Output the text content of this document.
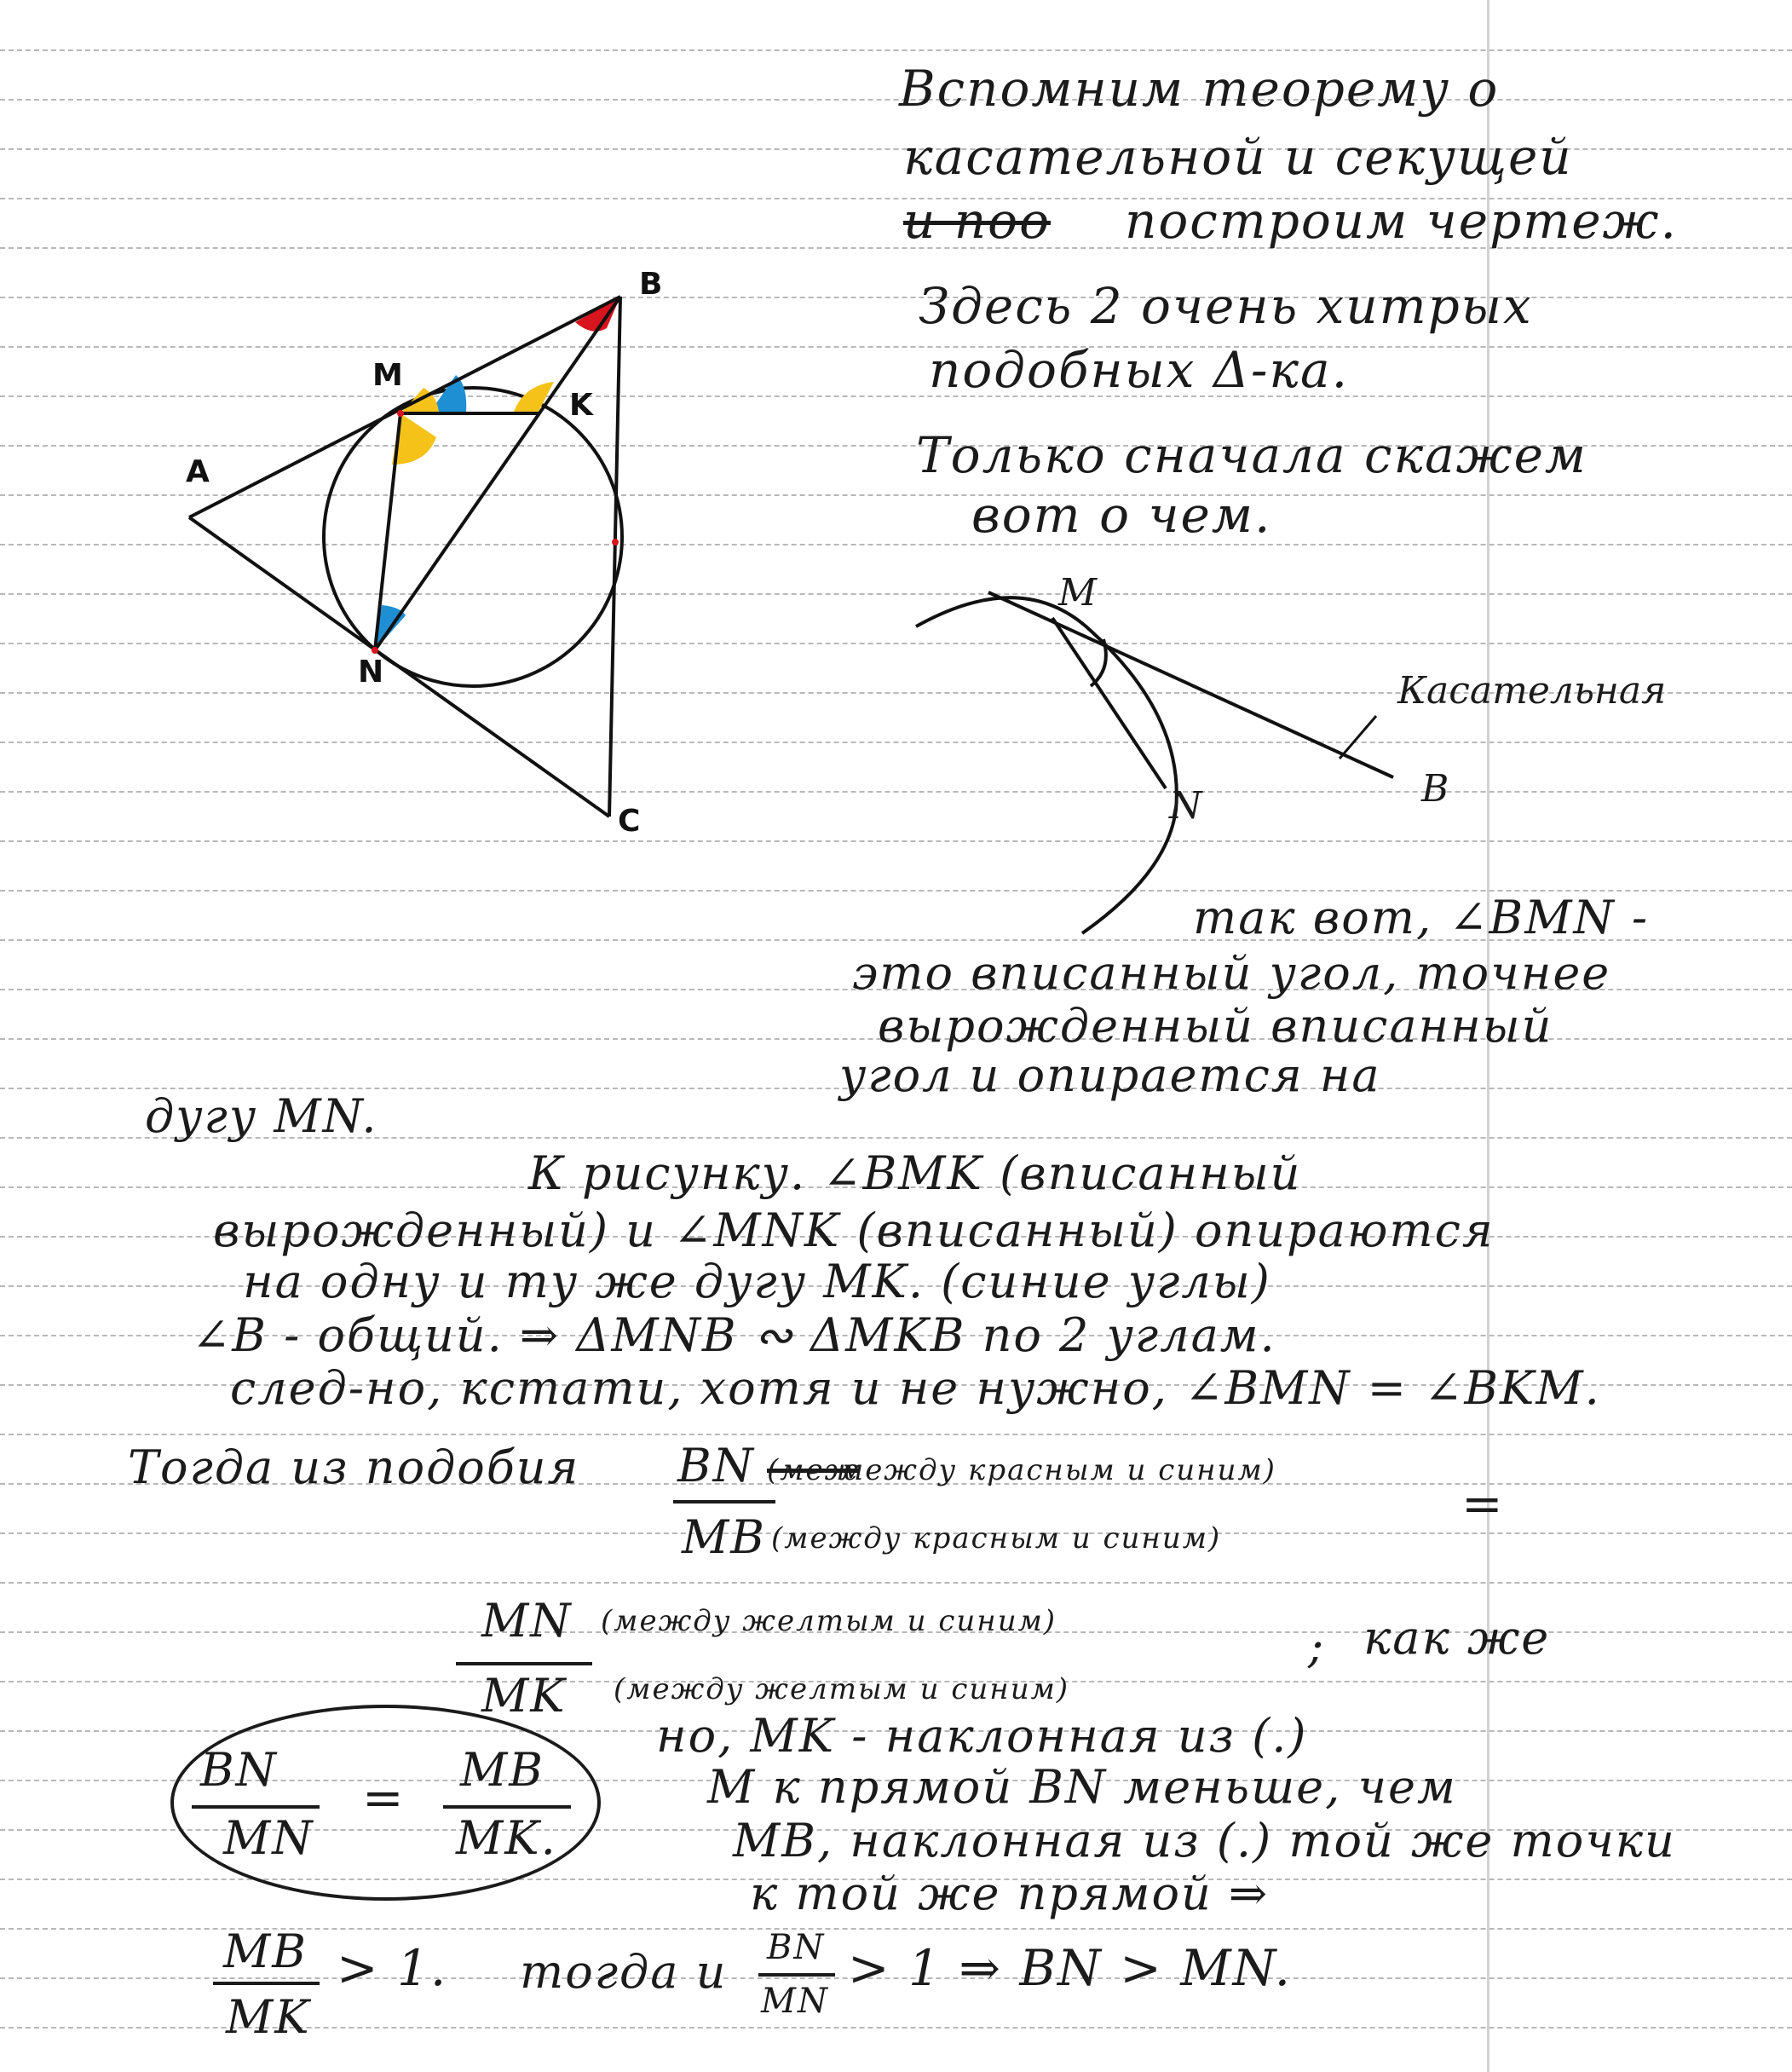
A
B
C
M
K
N
M
N	B
Касательная
Вспомним теорему о
касательной и секущей
и поо построим чертеж.
Здесь 2 очень хитрых
подобных Δ-ка.
Только сначала скажем
вот о чем.
так вот, ∠BMN -
это вписанный угол, точнее
вырожденный вписанный
угол и опирается на
дугу MN.
К рисунку. ∠BMK (вписанный
вырожденный) и ∠MNK (вписанный) опираются
на одну и ту же дугу MK. (синие углы)
∠B - общий. ⇒ ΔMNB ∾ ΔMKB по 2 углам.
след-но, кстати, хотя и не нужно, ∠BMN = ∠BKM.
Тогда из подобия BN (меж
между красным и синим)
MB (между красным и синим)
=
MN (между желтым и синим)
MK (между желтым и синим)
; как же
BN
MN
= MB
MK.
но, MK - наклонная из (.)
M к прямой BN меньше, чем
MB, наклонная из (.) той же точки
к той же прямой ⇒
MB
MK
> 1. тогда и BN
MN
> 1 ⇒ BN > MN.
